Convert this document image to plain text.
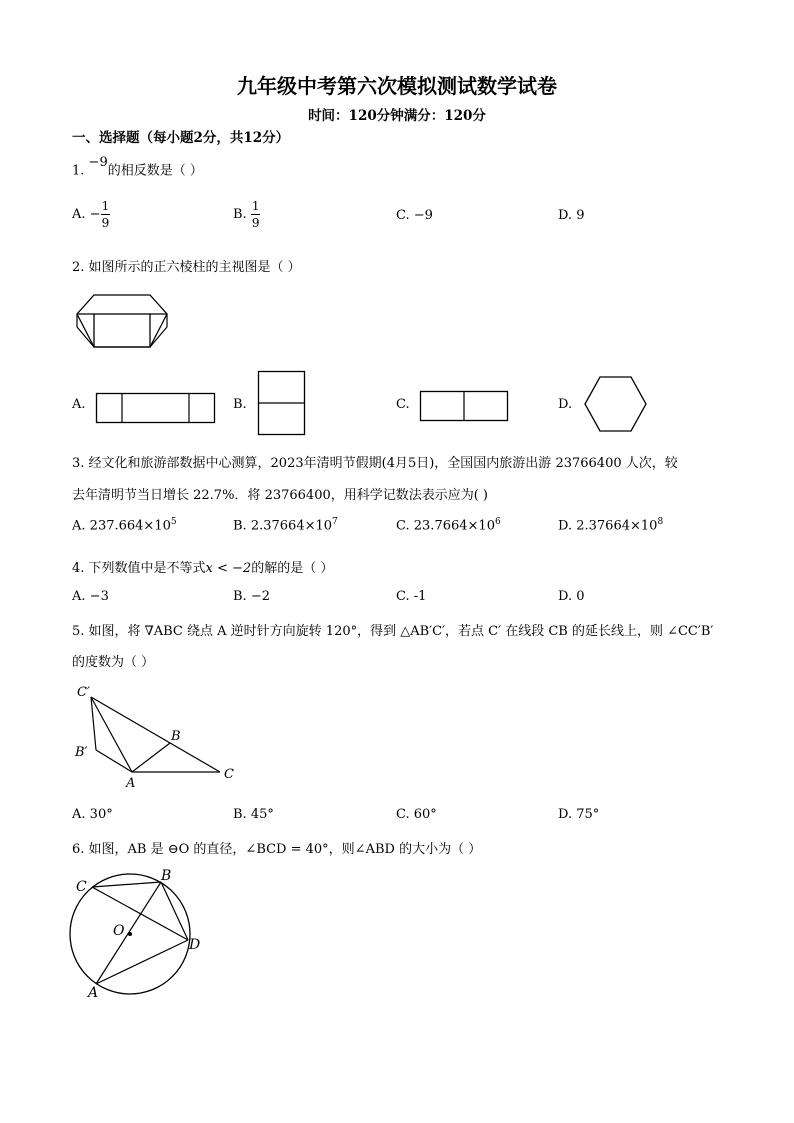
九年级中考第六次模拟测试数学试卷
时间：120分钟满分：120分
一、选择题（每小题2分，共12分）
1. $^{-9}$的相反数是（ ）
A. − $\frac{1}{9}$	B. $\frac{1}{9}$	C. −9	D. 9
2. 如图所示的正六棱柱的主视图是（ ）
A.	B.	C.	D.
3. 经文化和旅游部数据中心测算，2023年清明节假期(4月5日)，全国国内旅游出游 23766400 人次，较
去年清明节当日增长 22.7%．将 23766400，用科学记数法表示应为( )
A. $237.664\times 10^5$	B. $2.37664\times 10^7$	C. $23.7664\times 10^6$	D. $2.37664\times 10^8$
4. 下列数值中是不等式x < −2的解的是（ ）
A. −3	B. −2	C. -1	D. 0
5. 如图，将 ∇ABC 绕点 A 逆时针方向旋转 120°，得到 △AB′C′，若点 C′ 在线段 CB 的延长线上，则 ∠CC′B′
的度数为（ ）
C′
B′
B
A
C
A. 30°	B. 45°	C. 60°	D. 75°
6. 如图，AB 是 ⊖O 的直径，∠BCD = 40°，则∠ABD 的大小为（ ）
C
B
O
D
A
